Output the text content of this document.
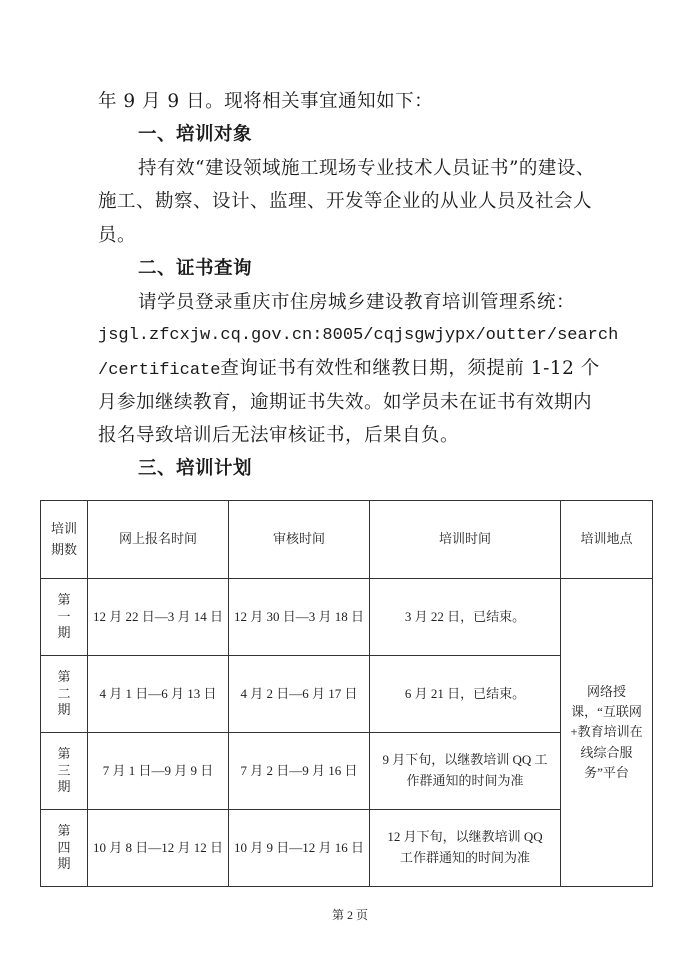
年 9 月 9 日。现将相关事宜通知如下：
一、培训对象
持有效“建设领域施工现场专业技术人员证书”的建设、
施工、勘察、设计、监理、开发等企业的从业人员及社会人
员。
二、证书查询
请学员登录重庆市住房城乡建设教育培训管理系统：
jsgl.zfcxjw.cq.gov.cn:8005/cqjsgwjypx/outter/search
/certificate查询证书有效性和继教日期，须提前 1-12 个
月参加继续教育，逾期证书失效。如学员未在证书有效期内
报名导致培训后无法审核证书，后果自负。
三、培训计划
培训期数	网上报名时间	审核时间	培训时间	培训地点

第一期	12 月 22 日—3 月 14 日	12 月 30 日—3 月 18 日	3 月 22 日，已结束。	网络授课，“互联网+教育培训在线综合服务”平台

第二期	4 月 1 日—6 月 13 日	4 月 2 日—6 月 17 日	6 月 21 日，已结束。	

第三期	7 月 1 日—9 月 9 日	7 月 2 日—9 月 16 日	9 月下旬，以继教培训 QQ 工作群通知的时间为准	

第四期	10 月 8 日—12 月 12 日	10 月 9 日—12 月 16 日	12 月下旬，以继教培训 QQ 工作群通知的时间为准	
第 2 页
